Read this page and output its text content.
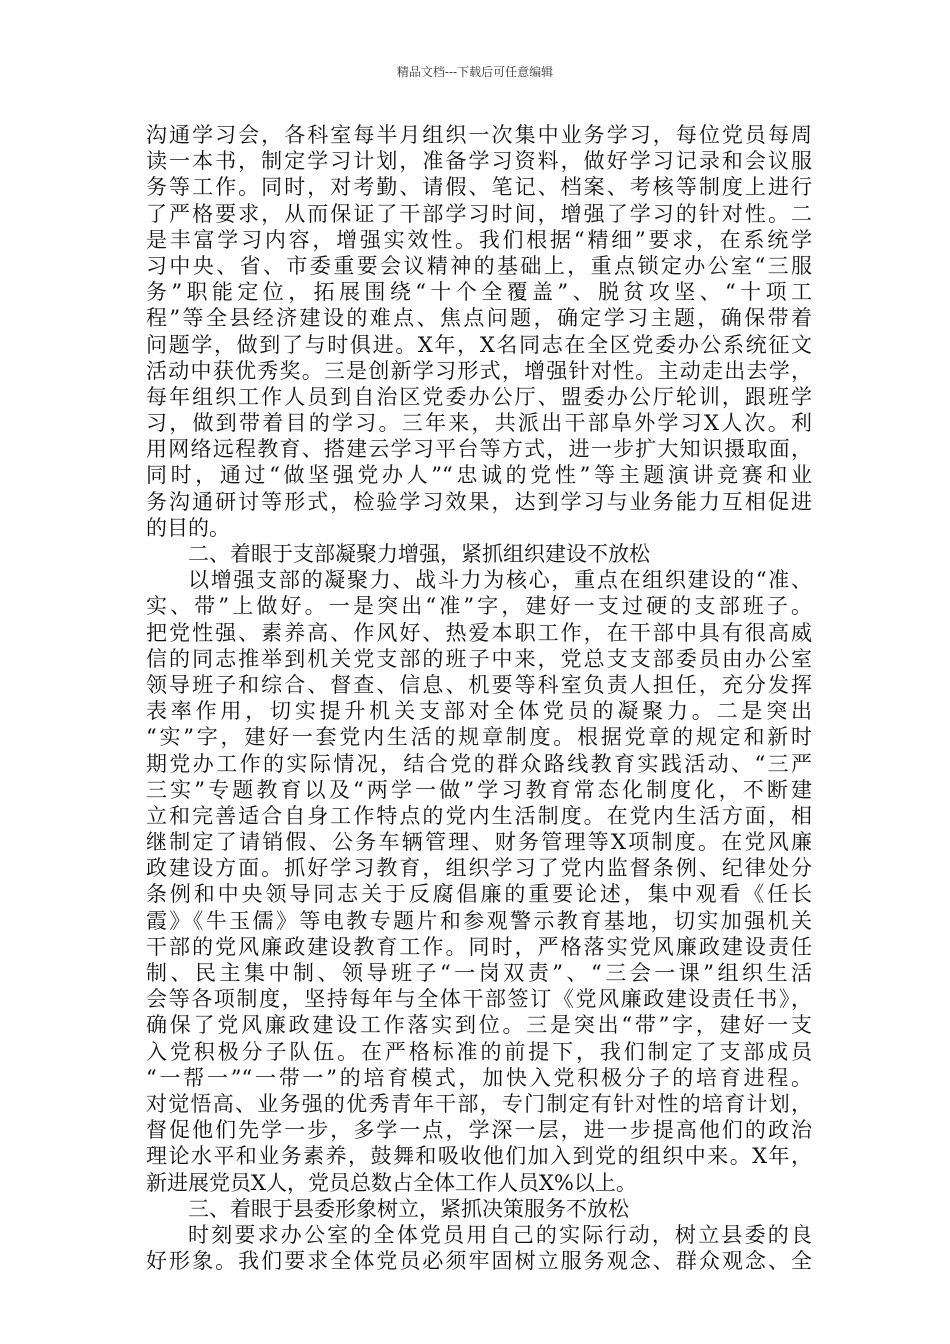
精品文档---下载后可任意编辑
沟通学习会，各科室每半月组织一次集中业务学习，每位党员每周
读一本书，制定学习计划，准备学习资料，做好学习记录和会议服
务等工作。同时，对考勤、请假、笔记、档案、考核等制度上进行
了严格要求，从而保证了干部学习时间，增强了学习的针对性。二
是丰富学习内容，增强实效性。我们根据“精细”要求，在系统学
习中央、省、市委重要会议精神的基础上，重点锁定办公室“三服
务”职能定位，拓展围绕“十个全覆盖”、脱贫攻坚、“十项工
程”等全县经济建设的难点、焦点问题，确定学习主题，确保带着
问题学，做到了与时俱进。X年，X名同志在全区党委办公系统征文
活动中获优秀奖。三是创新学习形式，增强针对性。主动走出去学，
每年组织工作人员到自治区党委办公厅、盟委办公厅轮训，跟班学
习，做到带着目的学习。三年来，共派出干部阜外学习X人次。利
用网络远程教育、搭建云学习平台等方式，进一步扩大知识摄取面，
同时，通过“做坚强党办人”“忠诚的党性”等主题演讲竞赛和业
务沟通研讨等形式，检验学习效果，达到学习与业务能力互相促进
的目的。
二、着眼于支部凝聚力增强，紧抓组织建设不放松
以增强支部的凝聚力、战斗力为核心，重点在组织建设的“准、
实、带”上做好。一是突出“准”字，建好一支过硬的支部班子。
把党性强、素养高、作风好、热爱本职工作，在干部中具有很高威
信的同志推举到机关党支部的班子中来，党总支支部委员由办公室
领导班子和综合、督查、信息、机要等科室负责人担任，充分发挥
表率作用，切实提升机关支部对全体党员的凝聚力。二是突出
“实”字，建好一套党内生活的规章制度。根据党章的规定和新时
期党办工作的实际情况，结合党的群众路线教育实践活动、“三严
三实”专题教育以及“两学一做”学习教育常态化制度化，不断建
立和完善适合自身工作特点的党内生活制度。在党内生活方面，相
继制定了请销假、公务车辆管理、财务管理等X项制度。在党风廉
政建设方面。抓好学习教育，组织学习了党内监督条例、纪律处分
条例和中央领导同志关于反腐倡廉的重要论述，集中观看《任长
霞》《牛玉儒》等电教专题片和参观警示教育基地，切实加强机关
干部的党风廉政建设教育工作。同时，严格落实党风廉政建设责任
制、民主集中制、领导班子“一岗双责”、“三会一课”组织生活
会等各项制度，坚持每年与全体干部签订《党风廉政建设责任书》，
确保了党风廉政建设工作落实到位。三是突出“带”字，建好一支
入党积极分子队伍。在严格标准的前提下，我们制定了支部成员
“一帮一”“一带一”的培育模式，加快入党积极分子的培育进程。
对觉悟高、业务强的优秀青年干部，专门制定有针对性的培育计划，
督促他们先学一步，多学一点，学深一层，进一步提高他们的政治
理论水平和业务素养，鼓舞和吸收他们加入到党的组织中来。X年，
新进展党员X人，党员总数占全体工作人员X%以上。
三、着眼于县委形象树立，紧抓决策服务不放松
时刻要求办公室的全体党员用自己的实际行动，树立县委的良
好形象。我们要求全体党员必须牢固树立服务观念、群众观念、全
